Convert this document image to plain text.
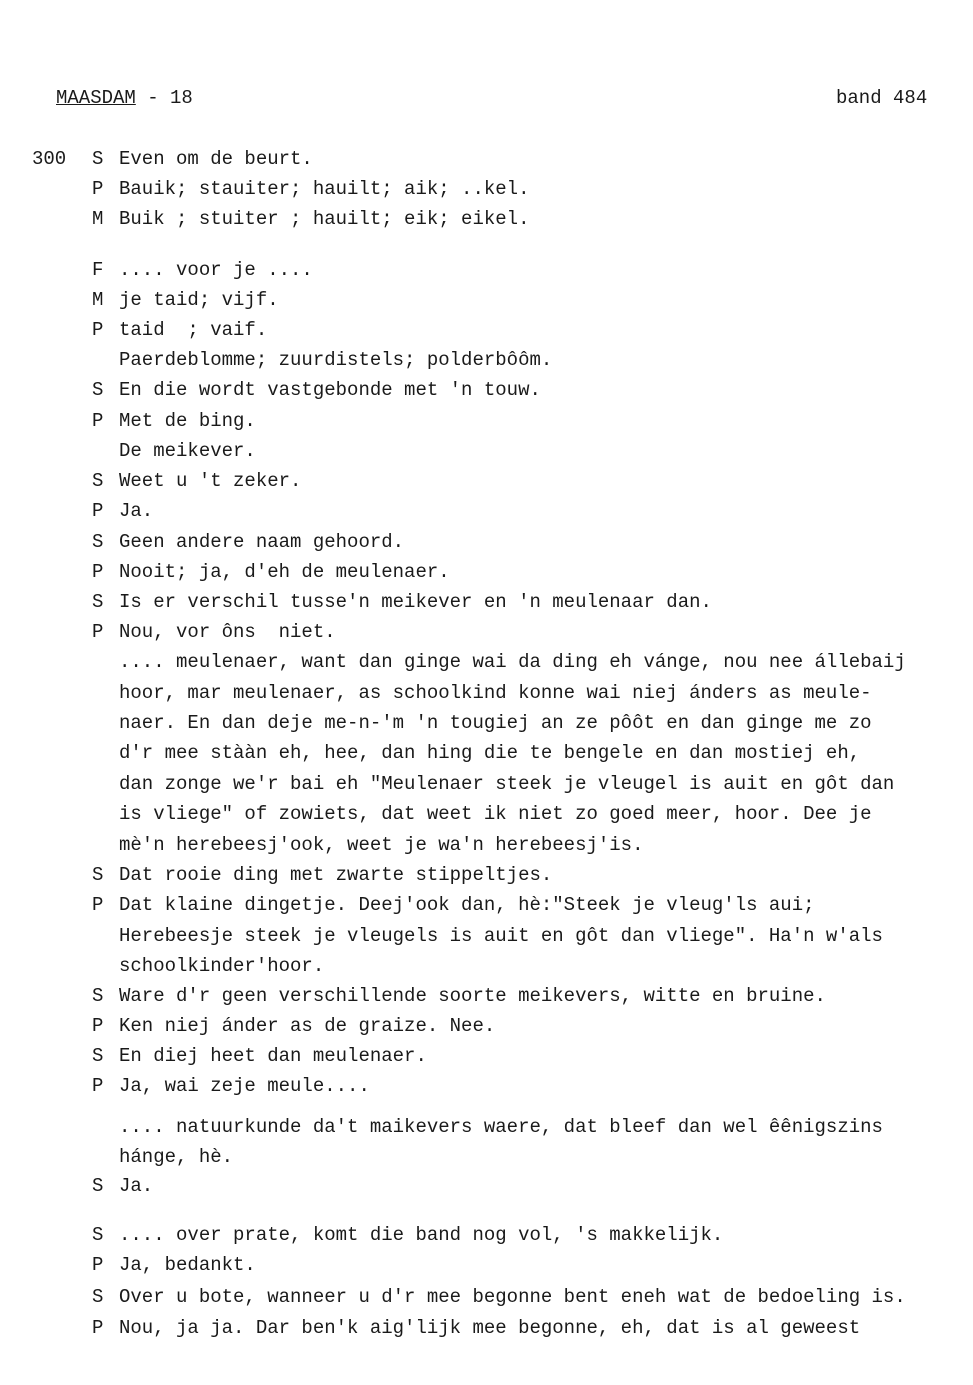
MAASDAM - 18	band 484
300 S Even om de beurt.
P Bauik; stauiter; hauilt; aik; ..kel.
M Buik ; stuiter ; hauilt; eik; eikel.
F .... voor je ....
M je taid; vijf.
P taid  ; vaif.
Paerdeblomme; zuurdistels; polderbôôm.
S En die wordt vastgebonde met 'n touw.
P Met de bing.
De meikever.
S Weet u 't zeker.
P Ja.
S Geen andere naam gehoord.
P Nooit; ja, d'eh de meulenaer.
S Is er verschil tusse'n meikever en 'n meulenaar dan.
P Nou, vor ôns  niet.
.... meulenaer, want dan ginge wai da ding eh vánge, nou nee állebaij
hoor, mar meulenaer, as schoolkind konne wai niej ánders as meule-
naer. En dan deje me-n-'m 'n tougiej an ze pôôt en dan ginge me zo
d'r mee stààn eh, hee, dan hing die te bengele en dan mostiej eh,
dan zonge we'r bai eh "Meulenaer steek je vleugel is auit en gôt dan
is vliege" of zowiets, dat weet ik niet zo goed meer, hoor. Dee je
mè'n herebeesj'ook, weet je wa'n herebeesj'is.
S Dat rooie ding met zwarte stippeltjes.
P Dat klaine dingetje. Deej'ook dan, hè:"Steek je vleug'ls aui;
Herebeesje steek je vleugels is auit en gôt dan vliege". Ha'n w'als
schoolkinder'hoor.
S Ware d'r geen verschillende soorte meikevers, witte en bruine.
P Ken niej ánder as de graize. Nee.
S En diej heet dan meulenaer.
P Ja, wai zeje meule....
.... natuurkunde da't maikevers waere, dat bleef dan wel êênigszins
hánge, hè.
S Ja.
S .... over prate, komt die band nog vol, 's makkelijk.
P Ja, bedankt.
S Over u bote, wanneer u d'r mee begonne bent eneh wat de bedoeling is.
P Nou, ja ja. Dar ben'k aig'lijk mee begonne, eh, dat is al geweest
